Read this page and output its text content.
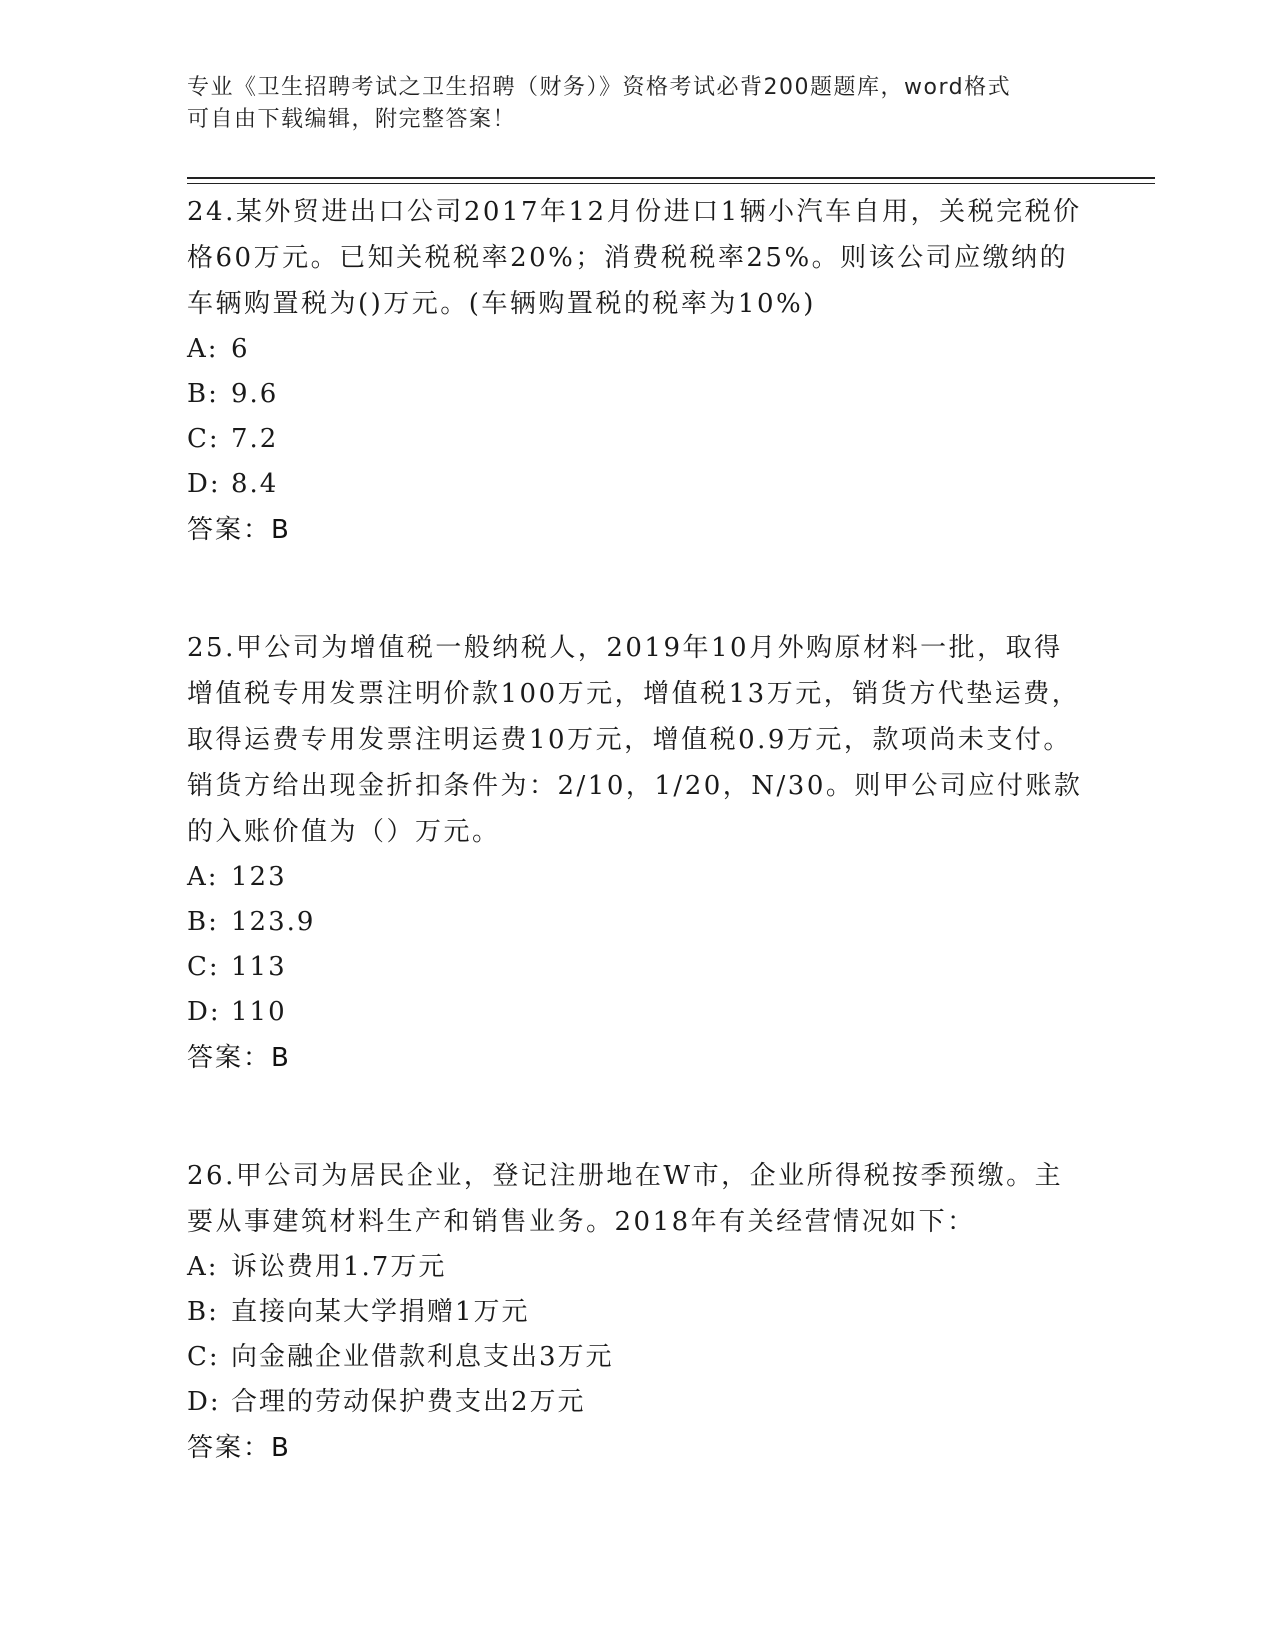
专业《卫生招聘考试之卫生招聘（财务）》资格考试必背200题题库，word格式
可自由下载编辑，附完整答案！

24.某外贸进出口公司2017年12月份进口1辆小汽车自用，关税完税价格60万元。已知关税税率20%；消费税税率25%。则该公司应缴纳的车辆购置税为()万元。(车辆购置税的税率为10%)

A: 6
B: 9.6
C: 7.2
D: 8.4

答案：B

25.甲公司为增值税一般纳税人，2019年10月外购原材料一批，取得增值税专用发票注明价款100万元，增值税13万元，销货方代垫运费，取得运费专用发票注明运费10万元，增值税0.9万元，款项尚未支付。销货方给出现金折扣条件为：2/10，1/20，N/30。则甲公司应付账款的入账价值为（）万元。

A: 123
B: 123.9
C: 113
D: 110

答案：B

26.甲公司为居民企业，登记注册地在W市，企业所得税按季预缴。主要从事建筑材料生产和销售业务。2018年有关经营情况如下：

A: 诉讼费用1.7万元
B: 直接向某大学捐赠1万元
C: 向金融企业借款利息支出3万元
D: 合理的劳动保护费支出2万元

答案：B
